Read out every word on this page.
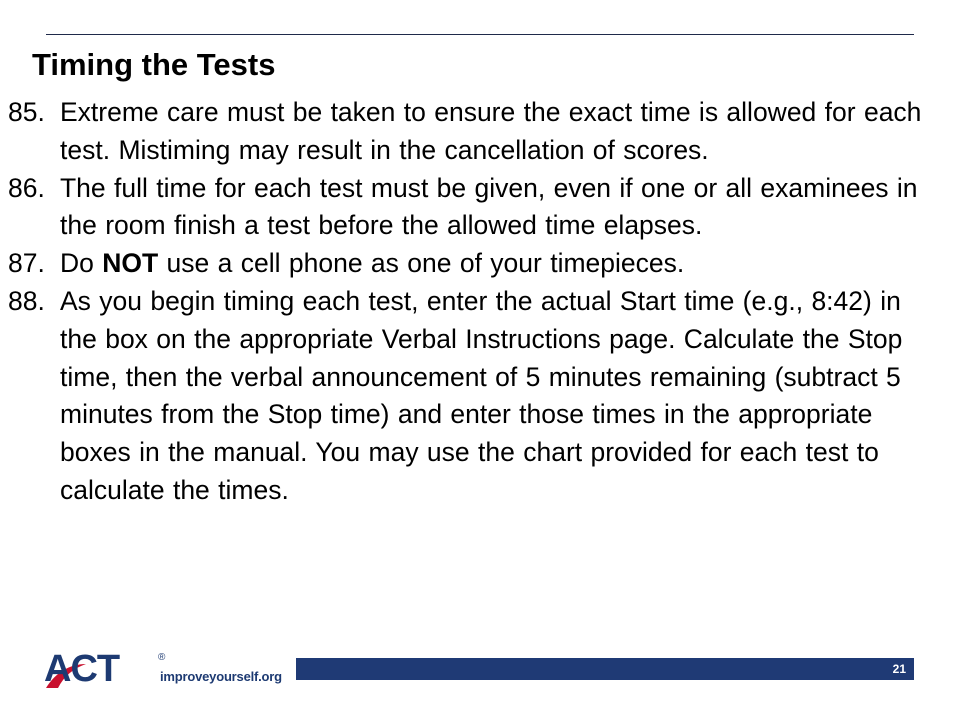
Timing the Tests
85. Extreme care must be taken to ensure the exact time is allowed for each test. Mistiming may result in the cancellation of scores.
86. The full time for each test must be given, even if one or all examinees in the room finish a test before the allowed time elapses.
87. Do NOT use a cell phone as one of your timepieces.
88. As you begin timing each test, enter the actual Start time (e.g., 8:42) in the box on the appropriate Verbal Instructions page. Calculate the Stop time, then the verbal announcement of 5 minutes remaining (subtract 5 minutes from the Stop time) and enter those times in the appropriate boxes in the manual. You may use the chart provided for each test to calculate the times.
ACT	®
improveyourself.org	21
